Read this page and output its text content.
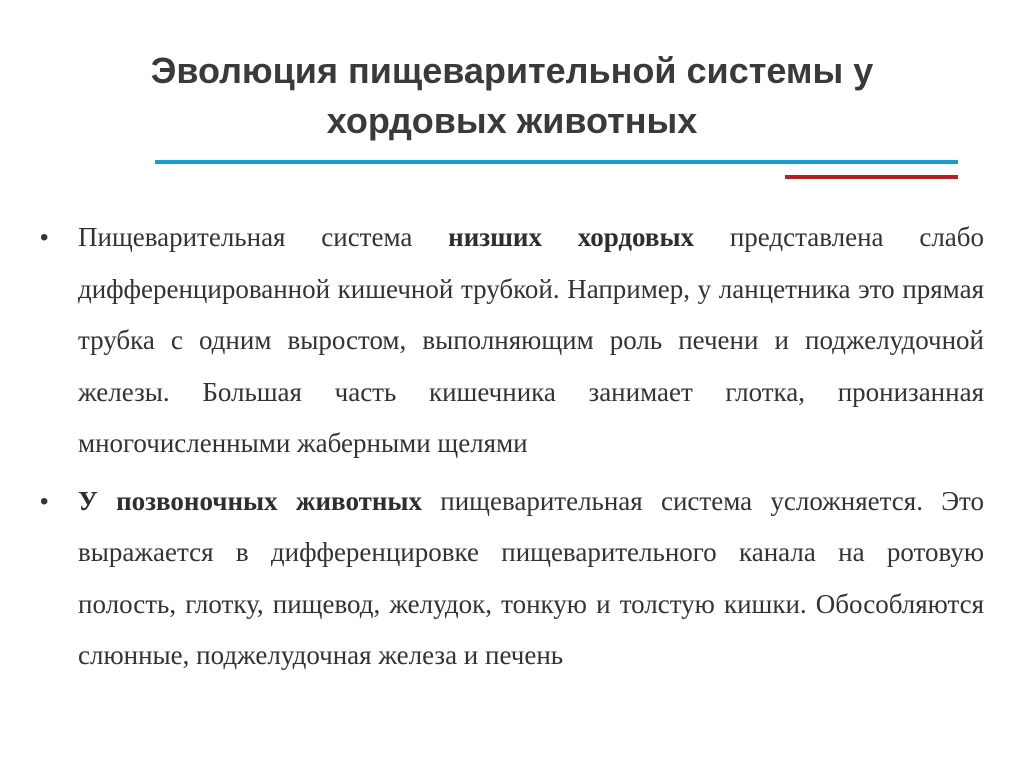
Эволюция пищеварительной системы у
хордовых животных
•	Пищеварительная система низших хордовых представлена слабо дифференцированной кишечной трубкой. Например, у ланцетника это прямая трубка с одним выростом, выполняющим роль печени и поджелудочной железы. Большая часть кишечника занимает глотка, пронизанная многочисленными жаберными щелями
•	У позвоночных животных пищеварительная система усложняется. Это выражается в дифференцировке пищеварительного канала на ротовую полость, глотку, пищевод, желудок, тонкую и толстую кишки. Обособляются слюнные, поджелудочная железа и печень
